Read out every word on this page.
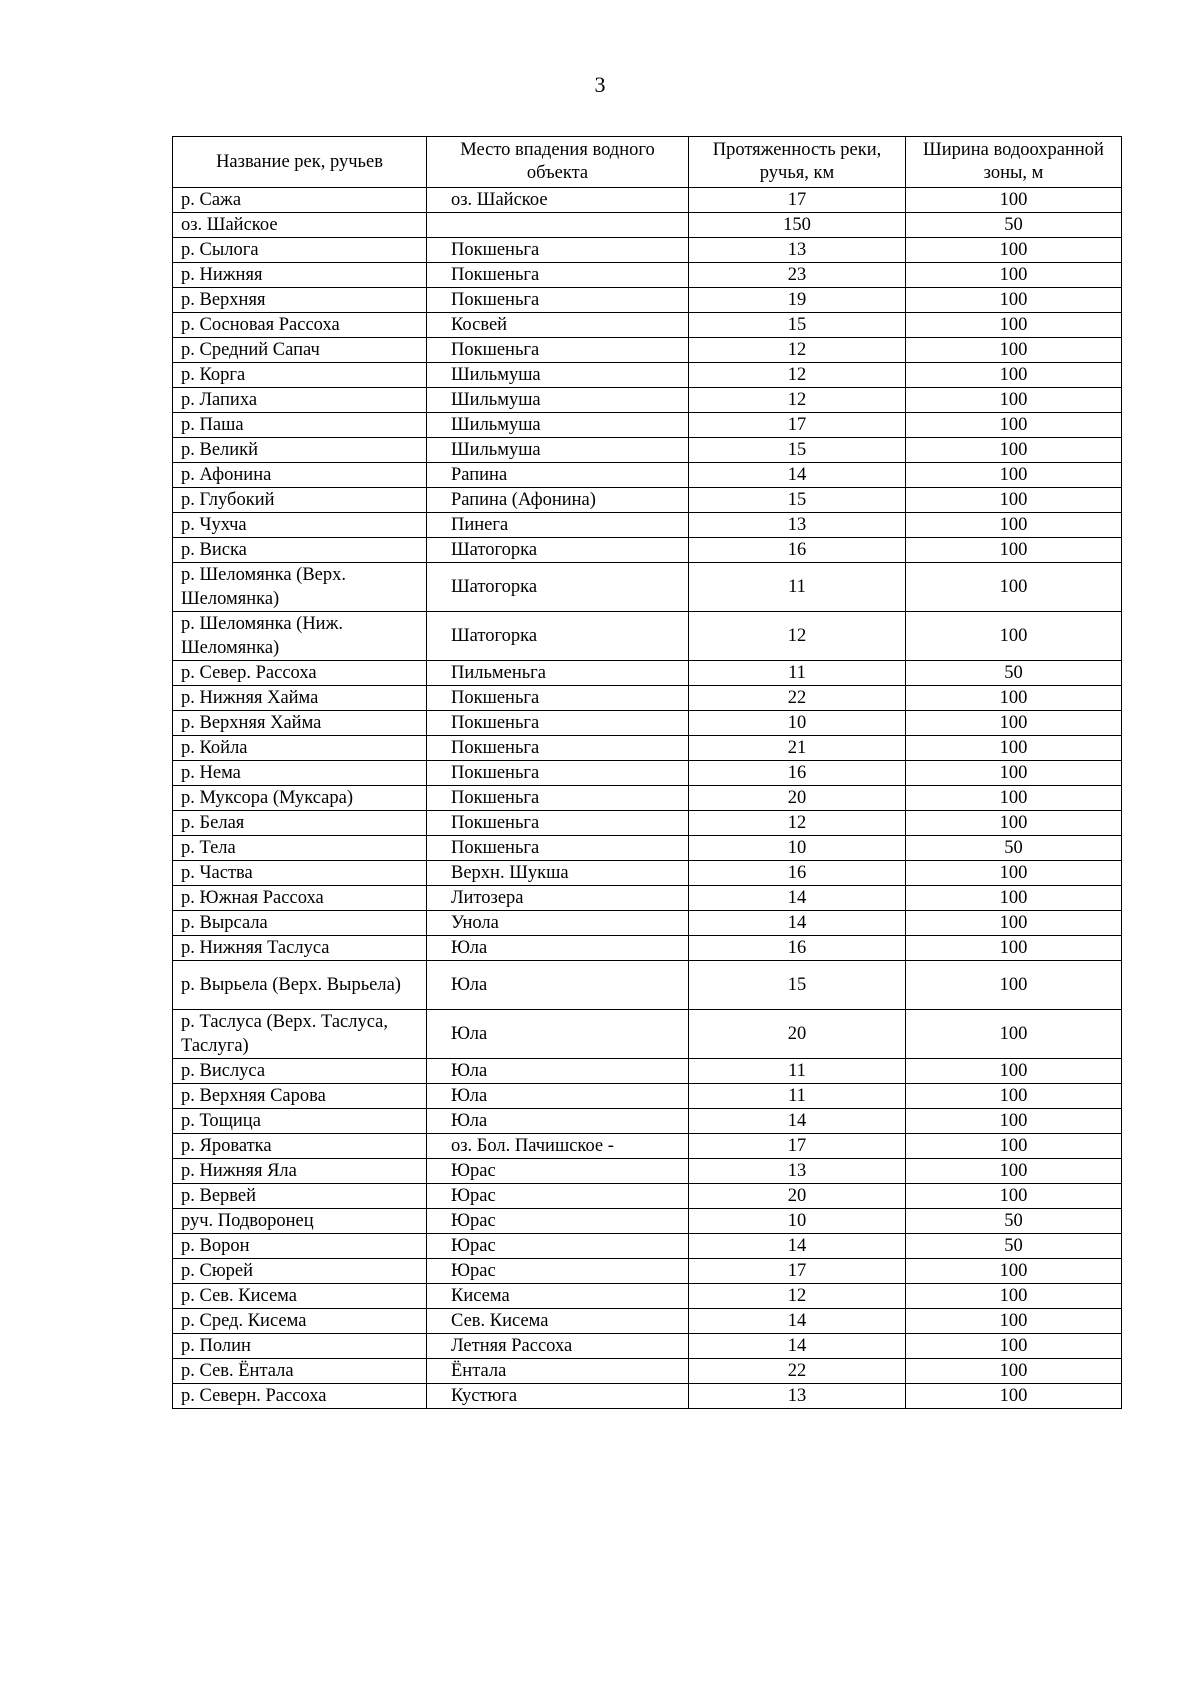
3
Название рек, ручьев	Место впадения водного объекта	Протяженность реки, ручья, км	Ширина водоохранной зоны, м
р. Сажа	оз. Шайское	17	100
оз. Шайское		150	50
р. Сылога	Покшеньга	13	100
р. Нижняя	Покшеньга	23	100
р. Верхняя	Покшеньга	19	100
р. Сосновая Рассоха	Косвей	15	100
р. Средний Сапач	Покшеньга	12	100
р. Корга	Шильмуша	12	100
р. Лапиха	Шильмуша	12	100
р. Паша	Шильмуша	17	100
р. Великй	Шильмуша	15	100
р. Афонина	Рапина	14	100
р. Глубокий	Рапина (Афонина)	15	100
р. Чухча	Пинега	13	100
р. Виска	Шатогорка	16	100
р. Шеломянка (Верх. Шеломянка)	Шатогорка	11	100
р. Шеломянка (Ниж. Шеломянка)	Шатогорка	12	100
р. Север. Рассоха	Пильменьга	11	50
р. Нижняя Хайма	Покшеньга	22	100
р. Верхняя Хайма	Покшеньга	10	100
р. Койла	Покшеньга	21	100
р. Нема	Покшеньга	16	100
р. Муксора (Муксара)	Покшеньга	20	100
р. Белая	Покшеньга	12	100
р. Тела	Покшеньга	10	50
р. Частва	Верхн. Шукша	16	100
р. Южная Рассоха	Литозера	14	100
р. Вырсала	Унола	14	100
р. Нижняя Таслуса	Юла	16	100
р. Вырьела (Верх. Вырьела)	Юла	15	100
р. Таслуса (Верх. Таслуса, Таслуга)	Юла	20	100
р. Вислуса	Юла	11	100
р. Верхняя Сарова	Юла	11	100
р. Тощица	Юла	14	100
р. Яроватка	оз. Бол. Пачишское -	17	100
р. Нижняя Яла	Юрас	13	100
р. Вервей	Юрас	20	100
руч. Подворонец	Юрас	10	50
р. Ворон	Юрас	14	50
р. Сюрей	Юрас	17	100
р. Сев. Кисема	Кисема	12	100
р. Сред. Кисема	Сев. Кисема	14	100
р. Полин	Летняя Рассоха	14	100
р. Сев. Ёнтала	Ёнтала	22	100
р. Северн. Рассоха	Кустюга	13	100
